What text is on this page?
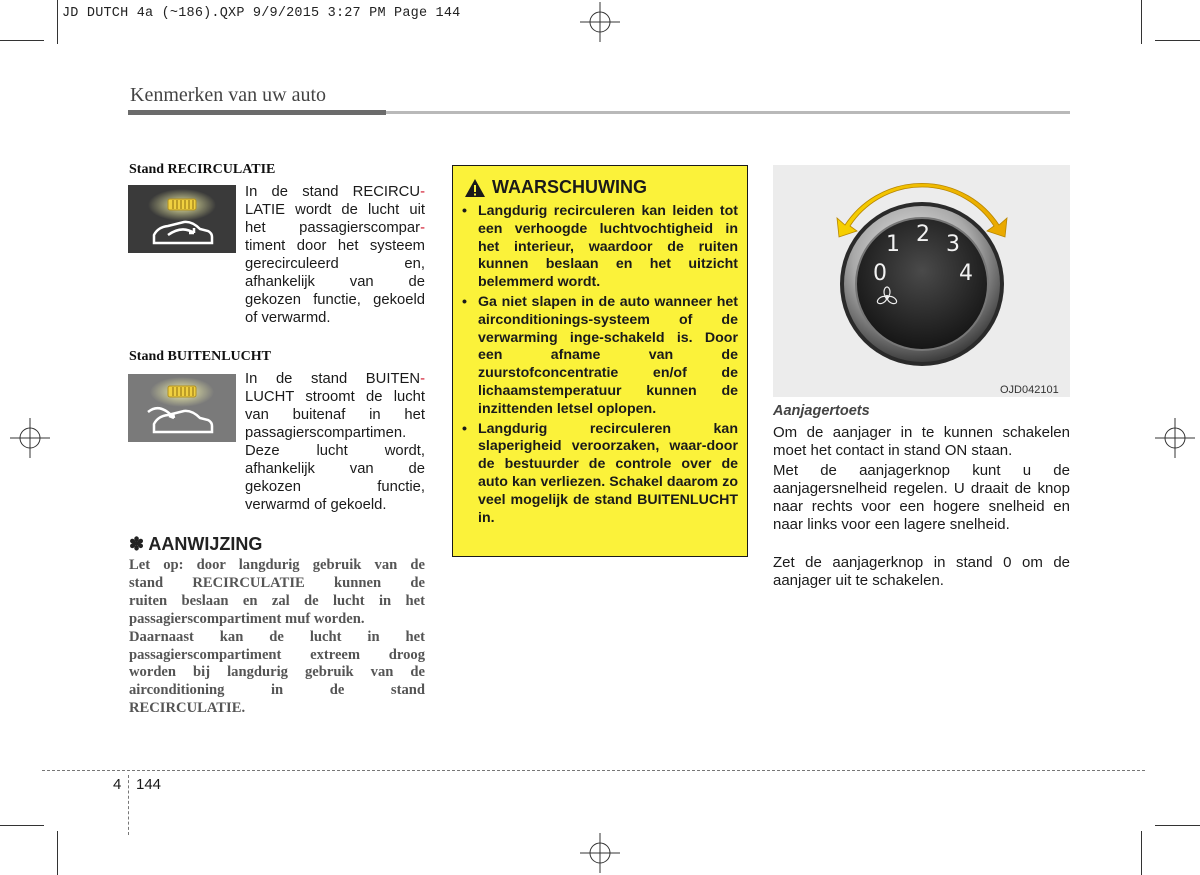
JD DUTCH 4a (~186).QXP 9/9/2015 3:27 PM Page 144
Kenmerken van uw auto
Stand RECIRCULATIE
In de stand RECIRCU-
LATIE wordt de lucht uit
het passagierscompar-
timent door het systeem
gerecirculeerd en,
afhankelijk van de
gekozen functie, gekoeld
of verwarmd.
Stand BUITENLUCHT
In de stand BUITEN-
LUCHT stroomt de lucht
van buitenaf in het
passagierscompartimen.
Deze lucht wordt,
afhankelijk van de
gekozen functie,
verwarmd of gekoeld.
✽ AANWIJZING
Let op: door langdurig gebruik van de
stand RECIRCULATIE kunnen de
ruiten beslaan en zal de lucht in het
passagierscompartiment muf worden.
Daarnaast kan de lucht in het
passagierscompartiment extreem droog
worden bij langdurig gebruik van de
airconditioning in de stand
RECIRCULATIE.
WAARSCHUWING
• Langdurig recirculeren kan leiden tot een verhoogde luchtvochtigheid in het interieur, waardoor de ruiten kunnen beslaan en het uitzicht belemmerd wordt.
• Ga niet slapen in de auto wanneer het airconditionings-systeem of de verwarming inge-schakeld is. Door een afname van de zuurstofconcentratie en/of de lichaamstemperatuur kunnen de inzittenden letsel oplopen.
• Langdurig recirculeren kan slaperigheid veroorzaken, waar-door de bestuurder de controle over de auto kan verliezen. Schakel daarom zo veel mogelijk de stand BUITENLUCHT in.
0
1 2 3
4
OJD042101
Aanjagertoets
Om de aanjager in te kunnen schakelen moet het contact in stand ON staan.
Met de aanjagerknop kunt u de aanjagersnelheid regelen. U draait de knop naar rechts voor een hogere snelheid en naar links voor een lagere snelheid.
Zet de aanjagerknop in stand 0 om de aanjager uit te schakelen.
4 144
